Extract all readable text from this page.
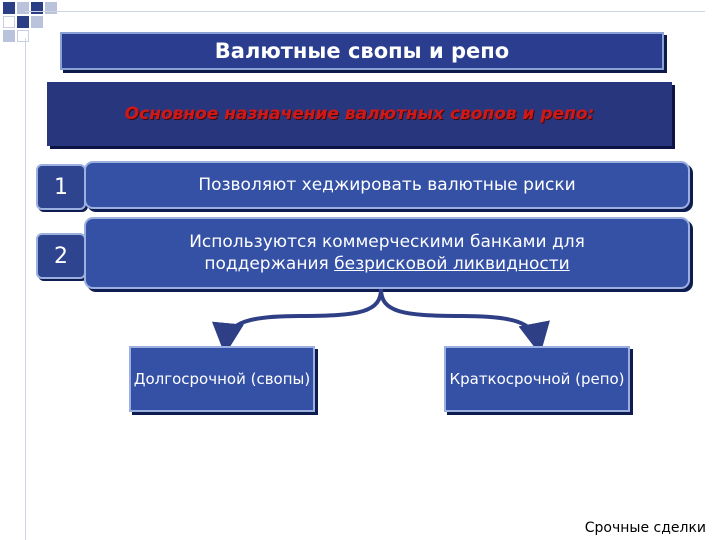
Валютные свопы и репо
Основное назначение валютных свопов и репо:
1	Позволяют хеджировать валютные риски
2
Используются коммерческими банками для
поддержания безрисковой ликвидности
Долгосрочной (свопы)	Краткосрочной (репо)
Срочные сделки
